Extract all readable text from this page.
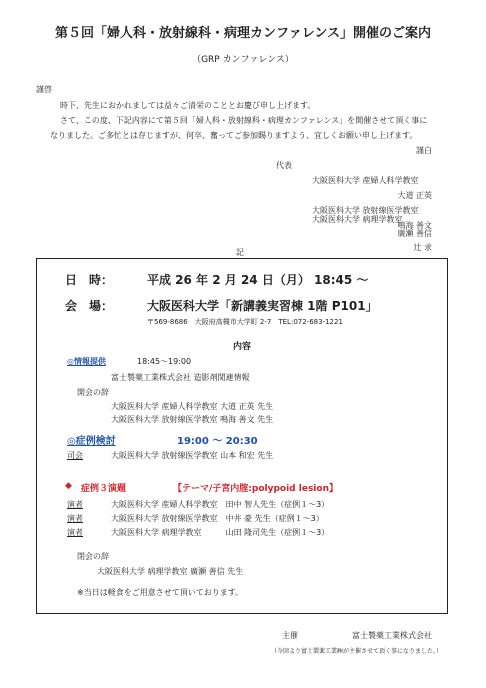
第５回「婦人科・放射線科・病理カンファレンス」開催のご案内
（GRP カンファレンス）
謹啓
時下、先生におかれましては益々ご清栄のこととお慶び申し上げます。
さて、この度、下記内容にて第５回「婦人科・放射線科・病理カンファレンス」を開催させて頂く事に
なりました。ご多忙とは存じますが、何卒、奮ってご参加賜りますよう、宜しくお願い申し上げます。
謹白
代表
大阪医科大学 産婦人科学教室
大道 正英
大阪医科大学 放射線医学教室
鳴海 善文
大阪医科大学 病理学教室
廣瀬 善信
辻 求
記
日　時：	平成 26 年 2 月 24 日（月） 18:45 ～
会　場：	大阪医科大学「新講義実習棟 1階 P101」
〒569-8686　大阪府高槻市大学町 2-7　TEL:072-683-1221
内容
◎情報提供	18:45～19:00
富士製薬工業株式会社 造影剤関連情報
開会の辞
大阪医科大学 産婦人科学教室 大道 正英 先生
大阪医科大学 放射線医学教室 鳴海 善文 先生
◎症例検討	19:00 ～ 20:30
司会	大阪医科大学 放射線医学教室 山本 和宏 先生
◆ 症例３演題	【テーマ/子宮内腟:polypoid lesion】
演者	大阪医科大学 産婦人科学教室　田中 智人先生（症例１～3）
演者	大阪医科大学 放射線医学教室　中井 豪 先生（症例１～3）
演者	大阪医科大学 病理学教室　　　山田 隆司先生（症例１～3）
閉会の辞
大阪医科大学 病理学教室 廣瀬 善信 先生
※当日は軽食をご用意させて頂いております。
主催	富士製薬工業株式会社
（今回より富士製薬工業㈱が主催させて頂く事になりました。）
